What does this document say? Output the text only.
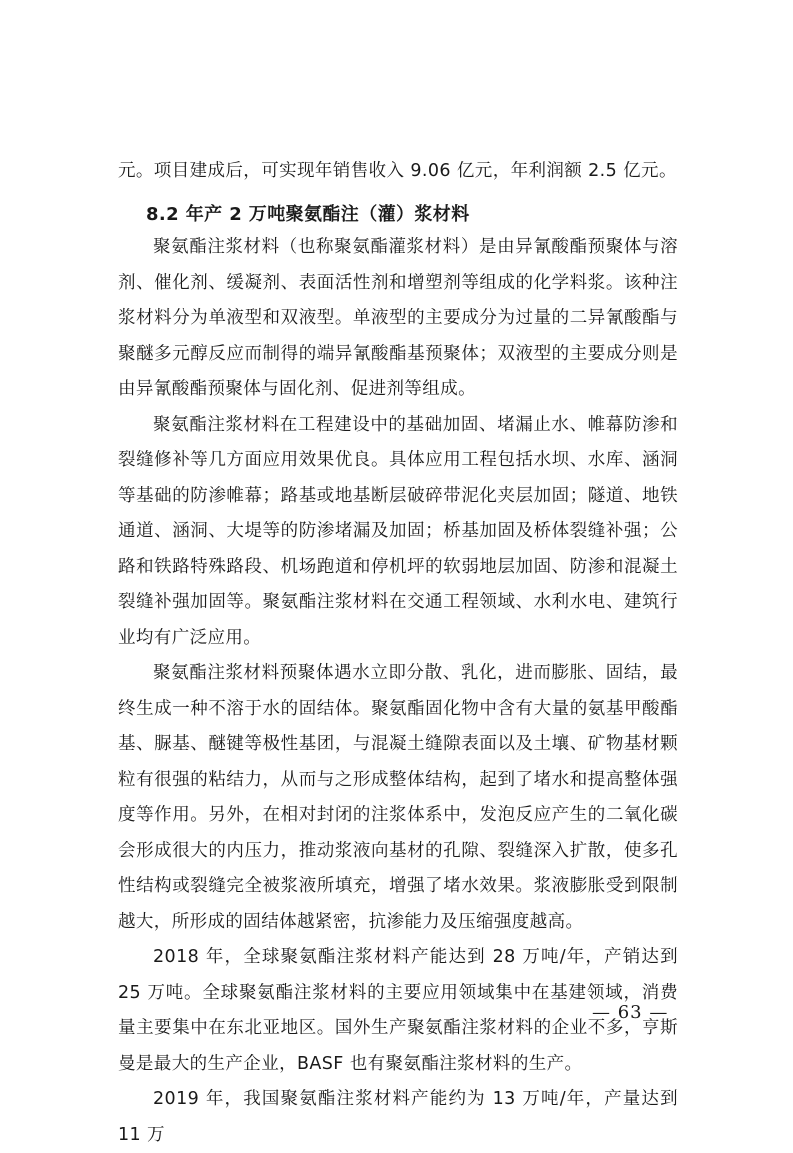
元。项目建成后，可实现年销售收入 9.06 亿元，年利润额 2.5 亿元。
8.2 年产 2 万吨聚氨酯注（灌）浆材料

聚氨酯注浆材料（也称聚氨酯灌浆材料）是由异氰酸酯预聚体与溶剂、催化剂、缓凝剂、表面活性剂和增塑剂等组成的化学料浆。该种注浆材料分为单液型和双液型。单液型的主要成分为过量的二异氰酸酯与聚醚多元醇反应而制得的端异氰酸酯基预聚体；双液型的主要成分则是由异氰酸酯预聚体与固化剂、促进剂等组成。

聚氨酯注浆材料在工程建设中的基础加固、堵漏止水、帷幕防渗和裂缝修补等几方面应用效果优良。具体应用工程包括水坝、水库、涵洞等基础的防渗帷幕；路基或地基断层破碎带泥化夹层加固；隧道、地铁通道、涵洞、大堤等的防渗堵漏及加固；桥基加固及桥体裂缝补强；公路和铁路特殊路段、机场跑道和停机坪的软弱地层加固、防渗和混凝土裂缝补强加固等。聚氨酯注浆材料在交通工程领域、水利水电、建筑行业均有广泛应用。

聚氨酯注浆材料预聚体遇水立即分散、乳化，进而膨胀、固结，最终生成一种不溶于水的固结体。聚氨酯固化物中含有大量的氨基甲酸酯基、脲基、醚键等极性基团，与混凝土缝隙表面以及土壤、矿物基材颗粒有很强的粘结力，从而与之形成整体结构，起到了堵水和提高整体强度等作用。另外，在相对封闭的注浆体系中，发泡反应产生的二氧化碳会形成很大的内压力，推动浆液向基材的孔隙、裂缝深入扩散，使多孔性结构或裂缝完全被浆液所填充，增强了堵水效果。浆液膨胀受到限制越大，所形成的固结体越紧密，抗渗能力及压缩强度越高。

2018 年，全球聚氨酯注浆材料产能达到 28 万吨/年，产销达到 25 万吨。全球聚氨酯注浆材料的主要应用领域集中在基建领域，消费量主要集中在东北亚地区。国外生产聚氨酯注浆材料的企业不多，亨斯曼是最大的生产企业，BASF 也有聚氨酯注浆材料的生产。

2019 年，我国聚氨酯注浆材料产能约为 13 万吨/年，产量达到 11 万

— 63 —
